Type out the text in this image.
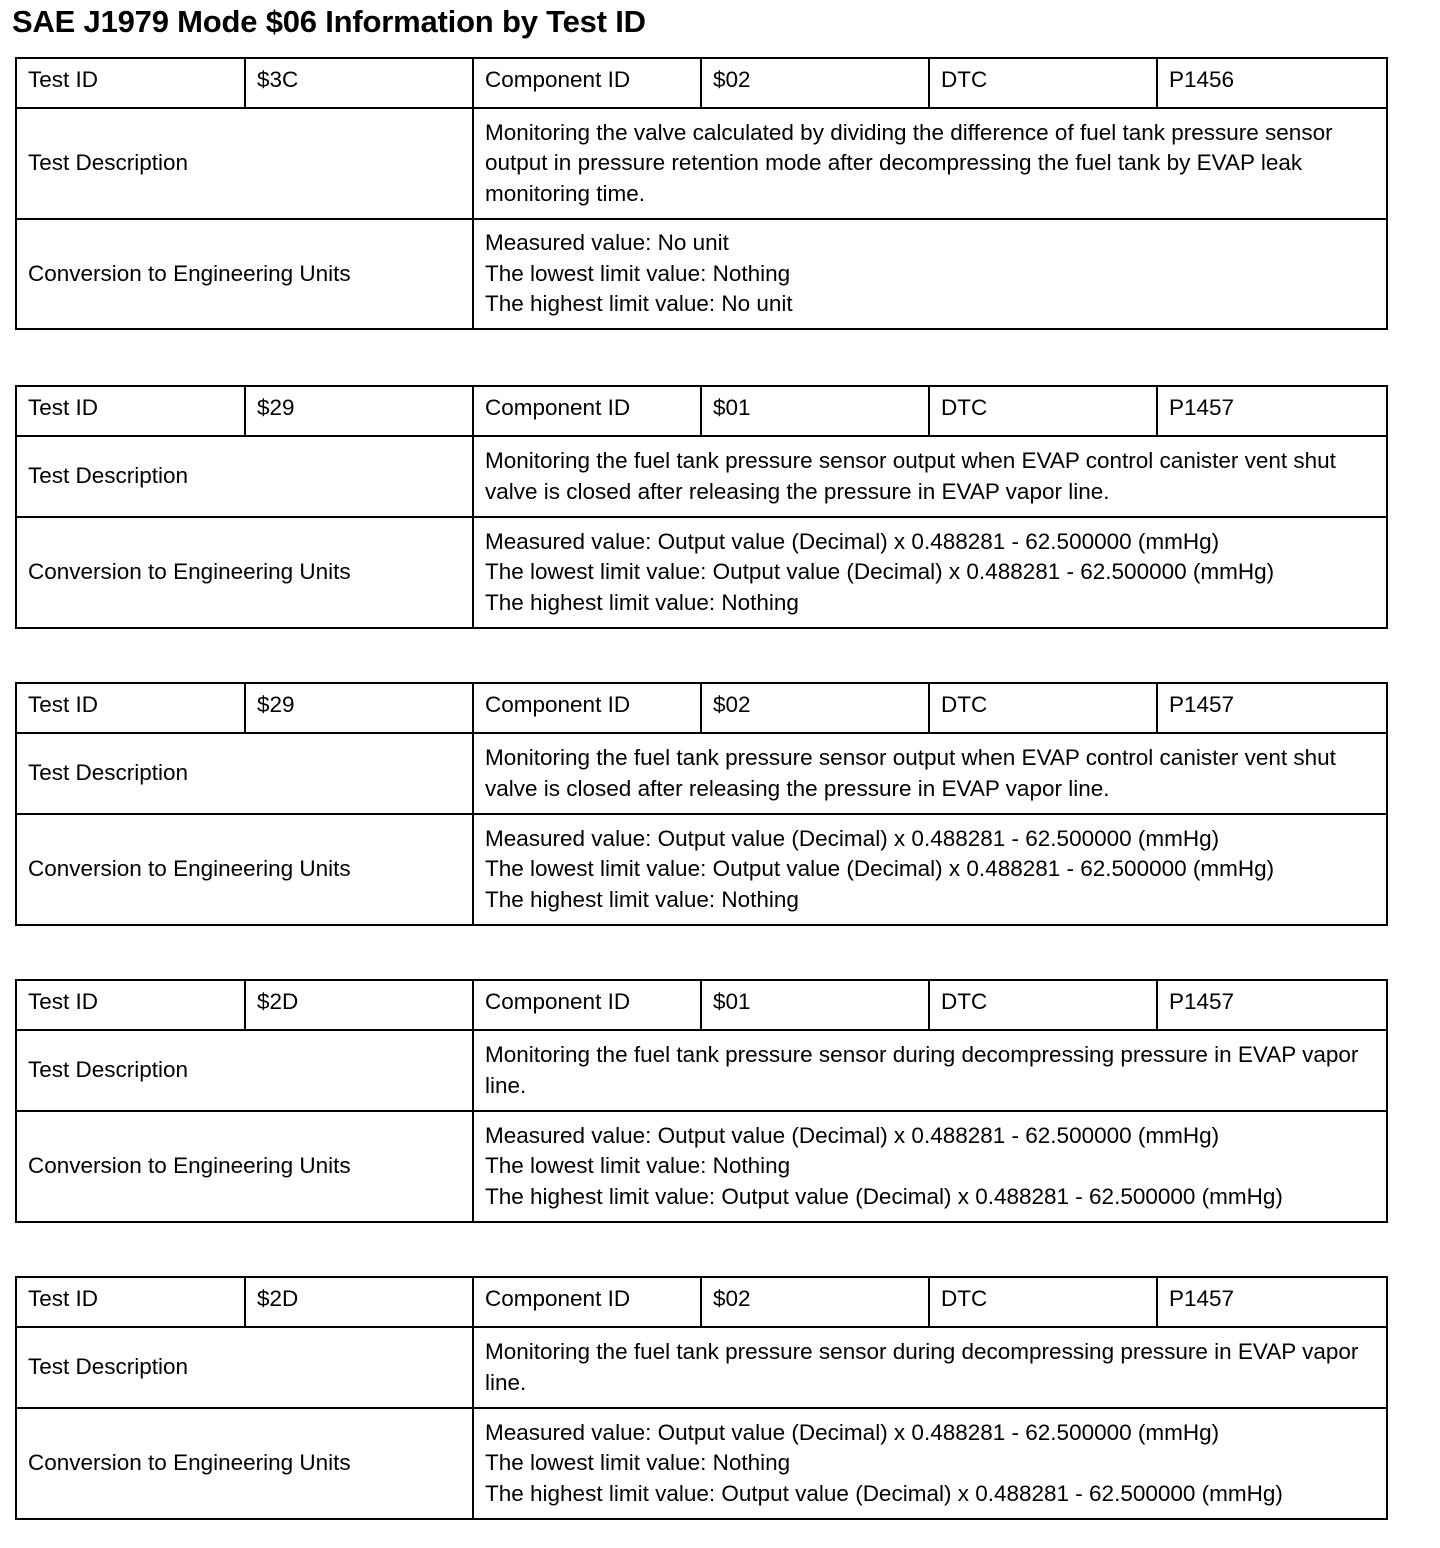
SAE J1979 Mode $06 Information by Test ID
Test ID	$3C	Component ID	$02	DTC	P1456
Test Description		Monitoring the valve calculated by dividing the difference of fuel tank pressure sensor output in pressure retention mode after decompressing the fuel tank by EVAP leak monitoring time.			
Conversion to Engineering Units		Measured value: No unit
The lowest limit value: Nothing
The highest limit value: No unit			
Test ID	$29	Component ID	$01	DTC	P1457
Test Description		Monitoring the fuel tank pressure sensor output when EVAP control canister vent shut valve is closed after releasing the pressure in EVAP vapor line.			
Conversion to Engineering Units		Measured value: Output value (Decimal) x 0.488281 - 62.500000 (mmHg)
The lowest limit value: Output value (Decimal) x 0.488281 - 62.500000 (mmHg)
The highest limit value: Nothing			
Test ID	$29	Component ID	$02	DTC	P1457
Test Description		Monitoring the fuel tank pressure sensor output when EVAP control canister vent shut valve is closed after releasing the pressure in EVAP vapor line.			
Conversion to Engineering Units		Measured value: Output value (Decimal) x 0.488281 - 62.500000 (mmHg)
The lowest limit value: Output value (Decimal) x 0.488281 - 62.500000 (mmHg)
The highest limit value: Nothing			
Test ID	$2D	Component ID	$01	DTC	P1457
Test Description		Monitoring the fuel tank pressure sensor during decompressing pressure in EVAP vapor line.			
Conversion to Engineering Units		Measured value: Output value (Decimal) x 0.488281 - 62.500000 (mmHg)
The lowest limit value: Nothing
The highest limit value: Output value (Decimal) x 0.488281 - 62.500000 (mmHg)			
Test ID	$2D	Component ID	$02	DTC	P1457
Test Description		Monitoring the fuel tank pressure sensor during decompressing pressure in EVAP vapor line.			
Conversion to Engineering Units		Measured value: Output value (Decimal) x 0.488281 - 62.500000 (mmHg)
The lowest limit value: Nothing
The highest limit value: Output value (Decimal) x 0.488281 - 62.500000 (mmHg)			
